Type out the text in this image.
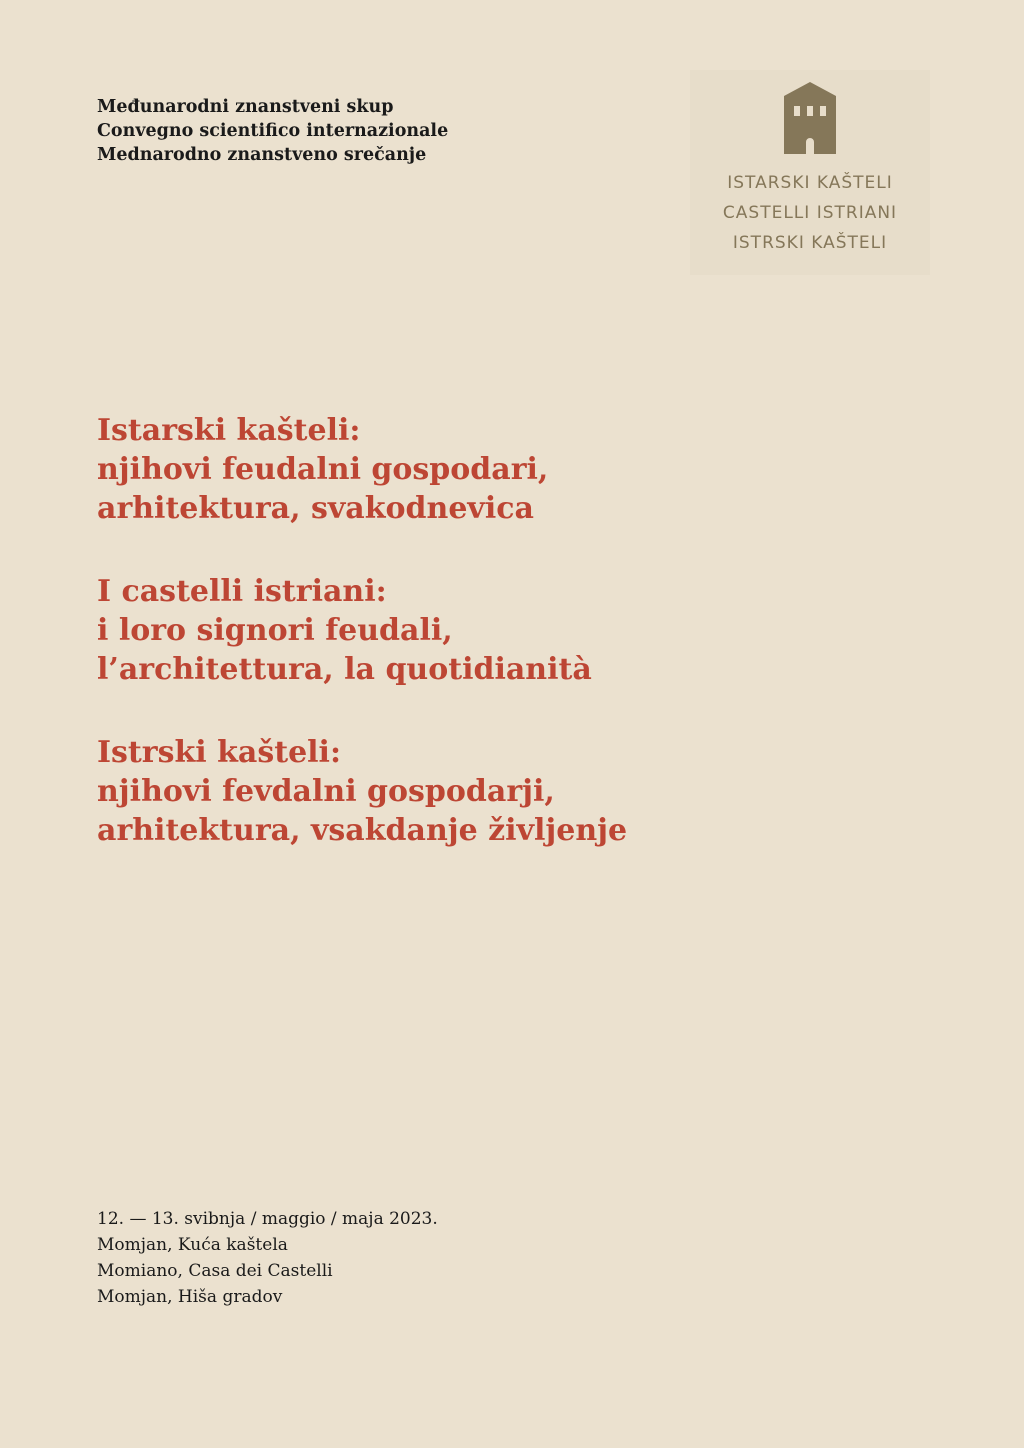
Međunarodni znanstveni skup
Convegno scientifico internazionale
Mednarodno znanstveno srečanje
ISTARSKI KAŠTELI
CASTELLI ISTRIANI
ISTRSKI KAŠTELI
Istarski kašteli:
njihovi feudalni gospodari,
arhitektura, svakodnevica
I castelli istriani:
i loro signori feudali,
l’architettura, la quotidianità
Istrski kašteli:
njihovi fevdalni gospodarji,
arhitektura, vsakdanje življenje
12. — 13. svibnja / maggio / maja 2023.
Momjan, Kuća kaštela
Momiano, Casa dei Castelli
Momjan, Hiša gradov
